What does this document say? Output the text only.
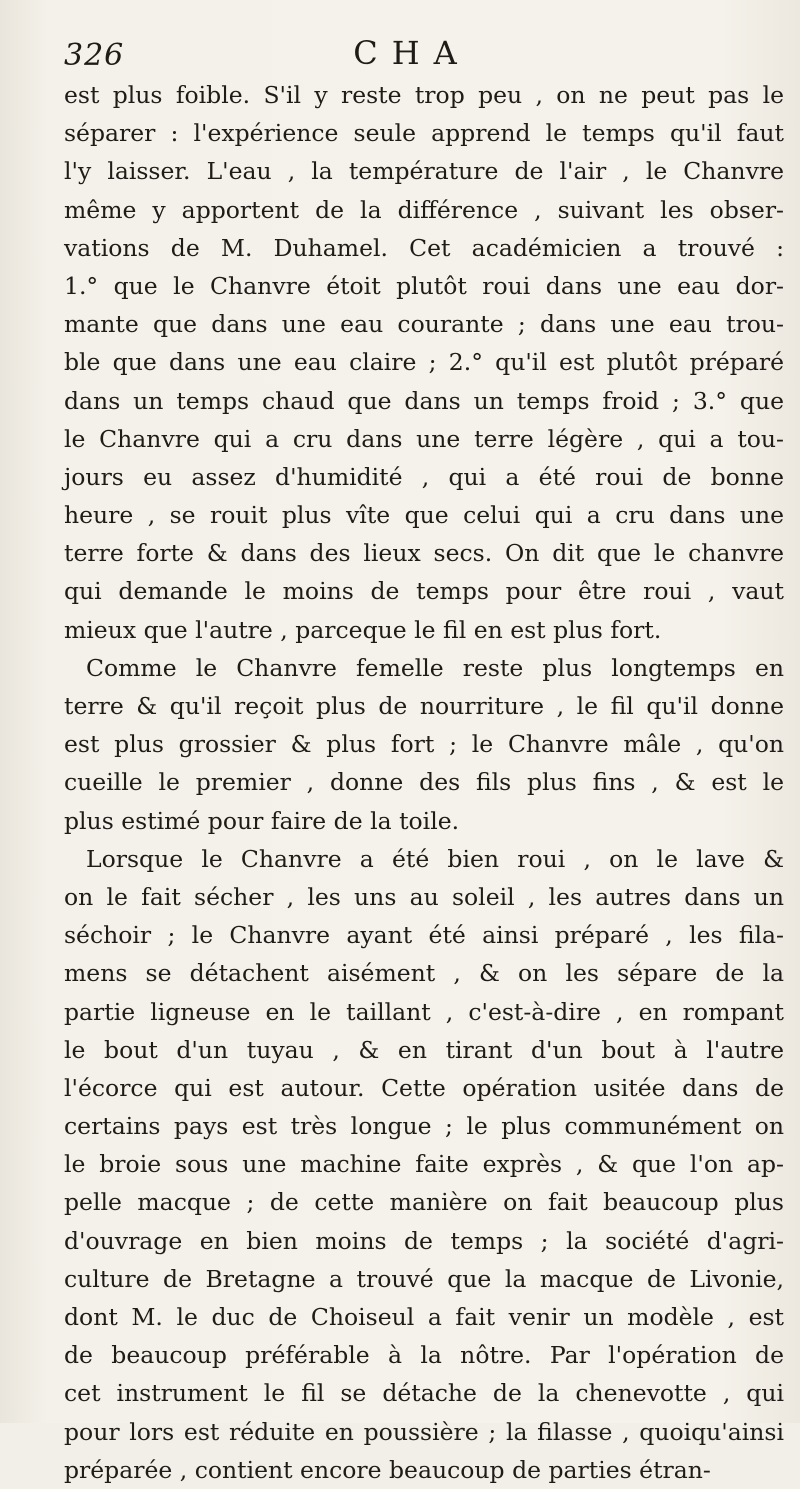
326	CHA
est plus foible. S'il y reste trop peu , on ne peut pas le
séparer : l'expérience seule apprend le temps qu'il faut
l'y laisser. L'eau , la température de l'air , le Chanvre
même y apportent de la différence , suivant les obser-
vations de M. Duhamel. Cet académicien a trouvé :
1.° que le Chanvre étoit plutôt roui dans une eau dor-
mante que dans une eau courante ; dans une eau trou-
ble que dans une eau claire ; 2.° qu'il est plutôt préparé
dans un temps chaud que dans un temps froid ; 3.° que
le Chanvre qui a cru dans une terre légère , qui a tou-
jours eu assez d'humidité , qui a été roui de bonne
heure , se rouit plus vîte que celui qui a cru dans une
terre forte & dans des lieux secs. On dit que le chanvre
qui demande le moins de temps pour être roui , vaut
mieux que l'autre , parceque le fil en est plus fort.
Comme le Chanvre femelle reste plus longtemps en
terre & qu'il reçoit plus de nourriture , le fil qu'il donne
est plus grossier & plus fort ; le Chanvre mâle , qu'on
cueille le premier , donne des fils plus fins , & est le
plus estimé pour faire de la toile.
Lorsque le Chanvre a été bien roui , on le lave &
on le fait sécher , les uns au soleil , les autres dans un
séchoir ; le Chanvre ayant été ainsi préparé , les fila-
mens se détachent aisément , & on les sépare de la
partie ligneuse en le taillant , c'est-à-dire , en rompant
le bout d'un tuyau , & en tirant d'un bout à l'autre
l'écorce qui est autour. Cette opération usitée dans de
certains pays est très longue ; le plus communément on
le broie sous une machine faite exprès , & que l'on ap-
pelle macque ; de cette manière on fait beaucoup plus
d'ouvrage en bien moins de temps ; la société d'agri-
culture de Bretagne a trouvé que la macque de Livonie,
dont M. le duc de Choiseul a fait venir un modèle , est
de beaucoup préférable à la nôtre. Par l'opération de
cet instrument le fil se détache de la chenevotte , qui
pour lors est réduite en poussière ; la filasse , quoiqu'ainsi
préparée , contient encore beaucoup de parties étran-
